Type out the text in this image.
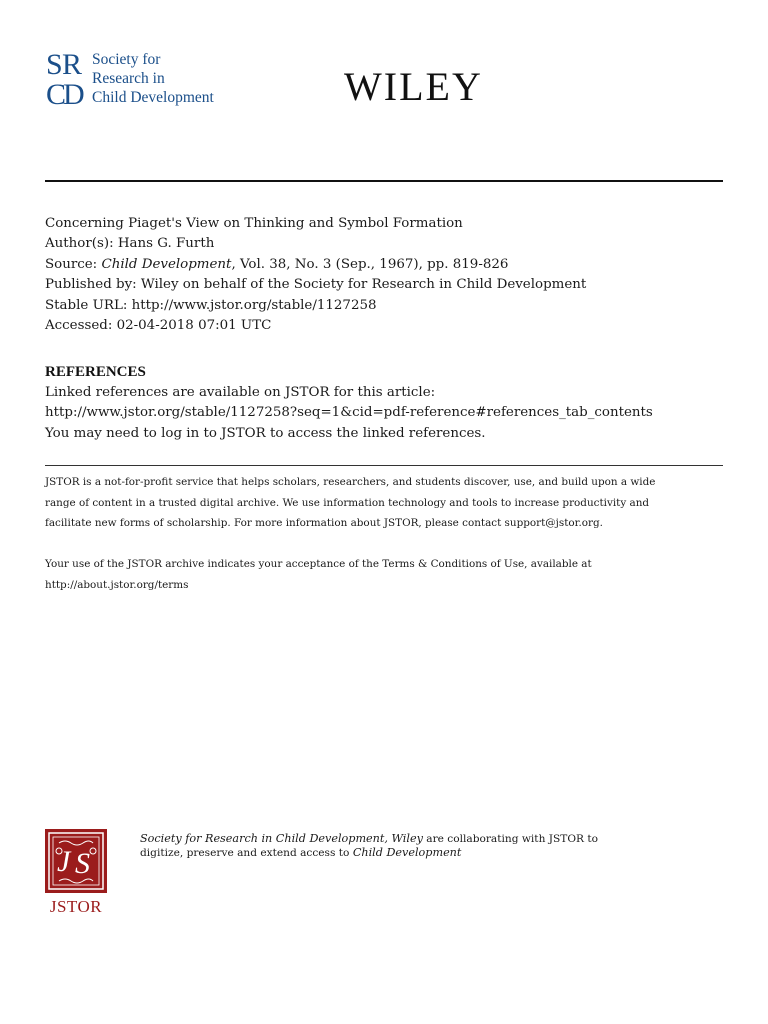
S R
C
D
Society for
Research in
Child Development	WILEY
Concerning Piaget's View on Thinking and Symbol Formation
Author(s): Hans G. Furth
Source: Child Development, Vol. 38, No. 3 (Sep., 1967), pp. 819-826
Published by: Wiley on behalf of the Society for Research in Child Development
Stable URL: http://www.jstor.org/stable/1127258
Accessed: 02-04-2018 07:01 UTC
REFERENCES
Linked references are available on JSTOR for this article:
http://www.jstor.org/stable/1127258?seq=1&cid=pdf-reference#references_tab_contents
You may need to log in to JSTOR to access the linked references.
JSTOR is a not-for-profit service that helps scholars, researchers, and students discover, use, and build upon a wide
range of content in a trusted digital archive. We use information technology and tools to increase productivity and
facilitate new forms of scholarship. For more information about JSTOR, please contact support@jstor.org.
Your use of the JSTOR archive indicates your acceptance of the Terms & Conditions of Use, available at
http://about.jstor.org/terms
J S
JSTOR
Society for Research in Child Development, Wiley are collaborating with JSTOR to
digitize, preserve and extend access to Child Development
